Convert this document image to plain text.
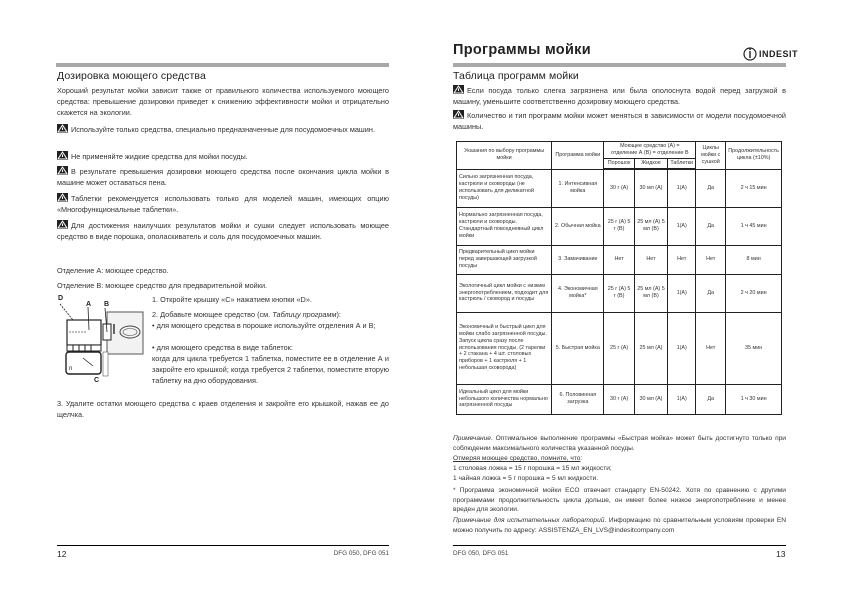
Дозировка моющего средства
Хороший результат мойки зависит также от правильного количества используемого моющего средства: превышение дозировки приведет к снижению эффективности мойки и отрицательно скажется на экологии.
Используйте только средства, специально предназначенные для посудомоечных машин.
Не применяйте жидкие средства для мойки посуды.
В результате превышения дозировки моющего средства после окончания цикла мойки в машине может оставаться пена.
Таблетки рекомендуется использовать только для моделей машин, имеющих опцию «Многофункциональные таблетки».
Для достижения наилучших результатов мойки и сушки следует использовать моющее средство в виде порошка, ополаскиватель и соль для посудомоечных машин.
Отделение А: моющее средство.
Отделение В: моющее средство для предварительной мойки.
n
D
A B
C
1. Откройте крышку «С» нажатием кнопки «D».
2. Добавьте моющее средство (см. Таблицу программ):
• для моющего средства в порошке используйте отделения А и В;
• для моющего средства в виде таблеток:
когда для цикла требуется 1 таблетка, поместите ее в отделение А и закройте его крышкой; когда требуется 2 таблетки, поместите вторую таблетку на дно оборудования.
3. Удалите остатки моющего средства с краев отделения и закройте его крышкой, нажав ее до щелчка.
12	DFG 050, DFG 051
Программы мойки	INDESIT
Таблица программ мойки
Если посуда только слегка загрязнена или была ополоснута водой перед загрузкой в машину, уменьшите соответственно дозировку моющего средства.
Количество и тип программ мойки может меняться в зависимости от модели посудомоечной машины.
Указания по выбору программы мойки	Программа мойки	Моющее средство (А) = отделение А (В) = отделение В			Циклы мойки с сушкой	Продолжительность цикла (±10%)
		Порошок	Жидкое	Таблетки		
Сильно загрязненная посуда, кастрюли и сковороды (не использовать для деликатной посуды)	1. Интенсивная мойка	30 г (А)	30 мл (А)	1(А)	Да	2 ч 15 мин
Нормально загрязненная посуда, кастрюли и сковороды. Стандартный повседневный цикл мойки	2. Обычная мойка	25 г (А) 5 г (В)	25 мл (А) 5 мл (В)	1(А)	Да	1 ч 45 мин
Предварительный цикл мойки перед завершающей загрузкой посуды	3. Замачивание	Нет	Нет	Нет	Нет	8 мин
Экологичный цикл мойки с низким энергопотреблением, подходит для кастрюль / сковород и посуды	4. Экономичная мойка*	25 г (А) 5 г (В)	25 мл (А) 5 мл (В)	1(А)	Да	2 ч 20 мин
Экономичный и быстрый цикл для мойки слабо загрязненной посуды. Запуск цикла сразу после использования посуды. (2 тарелки + 2 стакана + 4 шт. столовых приборов + 1 кастрюля + 1 небольшая сковорода)	5. Быстрая мойка	25 г (А)	25 мл (А)	1(А)	Нет	35 мин
Идеальный цикл для мойки небольшого количества нормально загрязненной посуды	6. Половинная загрузка	30 г (А)	30 мл (А)	1(А)	Да	1 ч 30 мин
Примечание. Оптимальное выполнение программы «Быстрая мойка» может быть достигнуто только при соблюдении максимального количества указанной посуды.
Отмеряя моющее средство, помните, что:
1 столовая ложка = 15 г порошка = 15 мл жидкости;
1 чайная ложка = 5 г порошка = 5 мл жидкости.
* Программа экономичной мойки ECO отвечает стандарту EN-50242. Хотя по сравнению с другими программами продолжительность цикла дольше, он имеет более низкое энергопотребление и менее вреден для экологии.
Примечание для испытательных лабораторий. Информацию по сравнительным условиям проверки EN можно получить по адресу: ASSISTENZA_EN_LVS@indesitcompany.com
DFG 050, DFG 051	13
